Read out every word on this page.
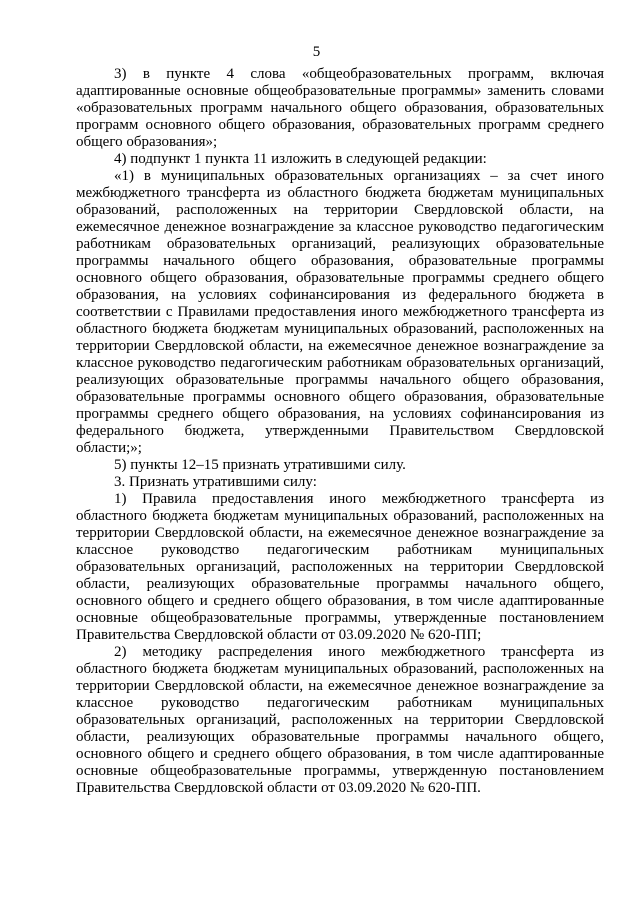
5

3) в пункте 4 слова «общеобразовательных программ, включая адаптированные основные общеобразовательные программы» заменить словами «образовательных программ начального общего образования, образовательных программ основного общего образования, образовательных программ среднего общего образования»;

4) подпункт 1 пункта 11 изложить в следующей редакции:

«1) в муниципальных образовательных организациях – за счет иного межбюджетного трансферта из областного бюджета бюджетам муниципальных образований, расположенных на территории Свердловской области, на ежемесячное денежное вознаграждение за классное руководство педагогическим работникам образовательных организаций, реализующих образовательные программы начального общего образования, образовательные программы основного общего образования, образовательные программы среднего общего образования, на условиях софинансирования из федерального бюджета в соответствии с Правилами предоставления иного межбюджетного трансферта из областного бюджета бюджетам муниципальных образований, расположенных на территории Свердловской области, на ежемесячное денежное вознаграждение за классное руководство педагогическим работникам образовательных организаций, реализующих образовательные программы начального общего образования, образовательные программы основного общего образования, образовательные программы среднего общего образования, на условиях софинансирования из федерального бюджета, утвержденными Правительством Свердловской области;»;

5) пункты 12–15 признать утратившими силу.

3. Признать утратившими силу:

1) Правила предоставления иного межбюджетного трансферта из областного бюджета бюджетам муниципальных образований, расположенных на территории Свердловской области, на ежемесячное денежное вознаграждение за классное руководство педагогическим работникам муниципальных образовательных организаций, расположенных на территории Свердловской области, реализующих образовательные программы начального общего, основного общего и среднего общего образования, в том числе адаптированные основные общеобразовательные программы, утвержденные постановлением Правительства Свердловской области от 03.09.2020 № 620-ПП;

2) методику распределения иного межбюджетного трансферта из областного бюджета бюджетам муниципальных образований, расположенных на территории Свердловской области, на ежемесячное денежное вознаграждение за классное руководство педагогическим работникам муниципальных образовательных организаций, расположенных на территории Свердловской области, реализующих образовательные программы начального общего, основного общего и среднего общего образования, в том числе адаптированные основные общеобразовательные программы, утвержденную постановлением Правительства Свердловской области от 03.09.2020 № 620-ПП.
